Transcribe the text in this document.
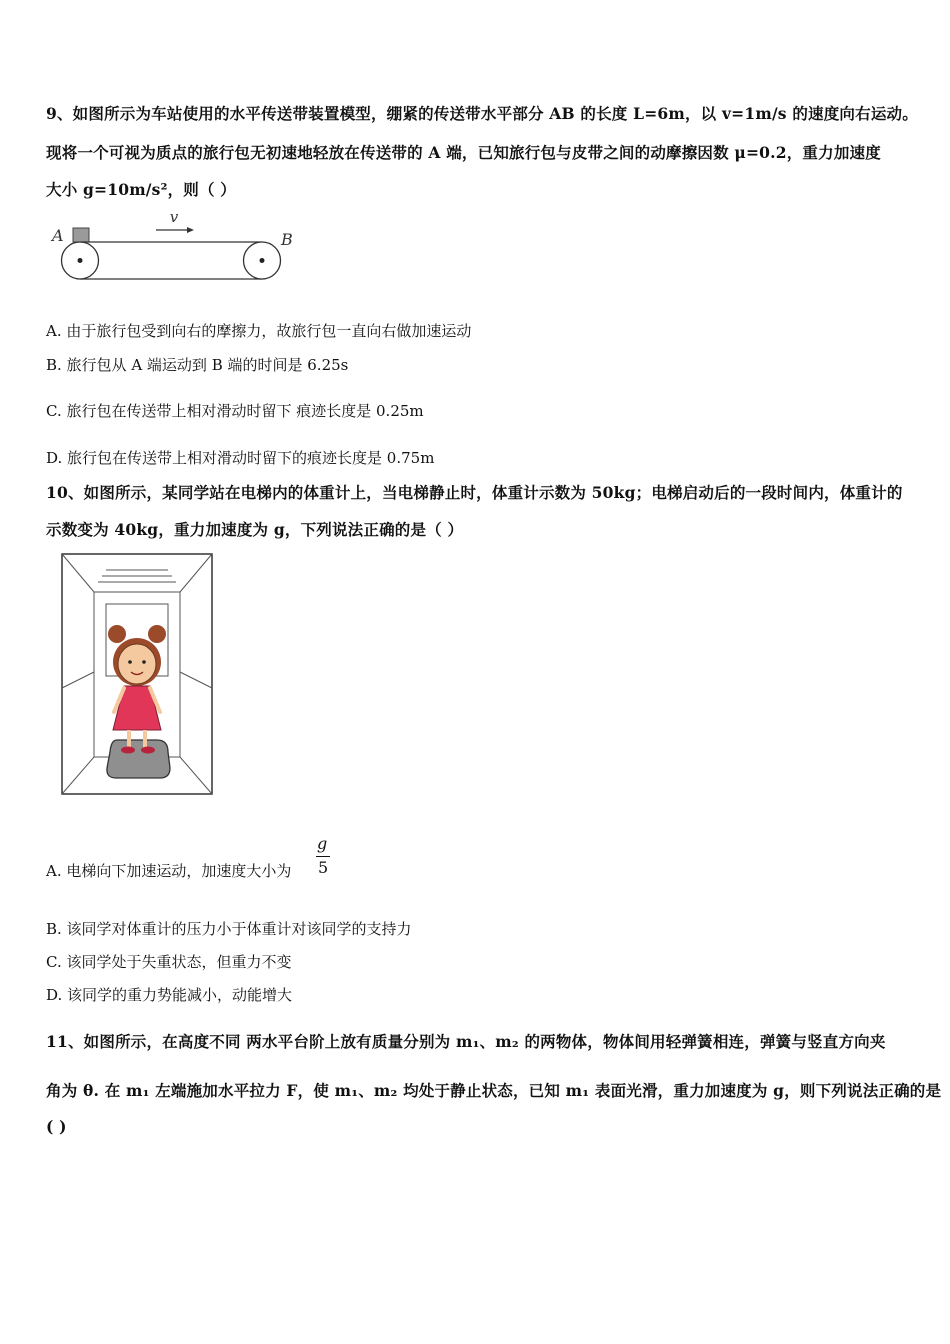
9、如图所示为车站使用的水平传送带装置模型，绷紧的传送带水平部分 AB 的长度 L=6m，以 v=1m/s 的速度向右运动。
现将一个可视为质点的旅行包无初速地轻放在传送带的 A 端，已知旅行包与皮带之间的动摩擦因数 μ=0.2，重力加速度
大小 g=10m/s²，则（ ）
v
A	B
A. 由于旅行包受到向右的摩擦力，故旅行包一直向右做加速运动
B. 旅行包从 A 端运动到 B 端的时间是 6.25s
C. 旅行包在传送带上相对滑动时留下 痕迹长度是 0.25m
D. 旅行包在传送带上相对滑动时留下的痕迹长度是 0.75m
10、如图所示，某同学站在电梯内的体重计上，当电梯静止时，体重计示数为 50kg；电梯启动后的一段时间内，体重计的
示数变为 40kg，重力加速度为 g，下列说法正确的是（ ）
A. 电梯向下加速运动，加速度大小为
g
5
B. 该同学对体重计的压力小于体重计对该同学的支持力
C. 该同学处于失重状态，但重力不变
D. 该同学的重力势能减小，动能增大
11、如图所示，在高度不同 两水平台阶上放有质量分别为 m₁、m₂ 的两物体，物体间用轻弹簧相连，弹簧与竖直方向夹
角为 θ. 在 m₁ 左端施加水平拉力 F，使 m₁、m₂ 均处于静止状态，已知 m₁ 表面光滑，重力加速度为 g，则下列说法正确的是
( )
